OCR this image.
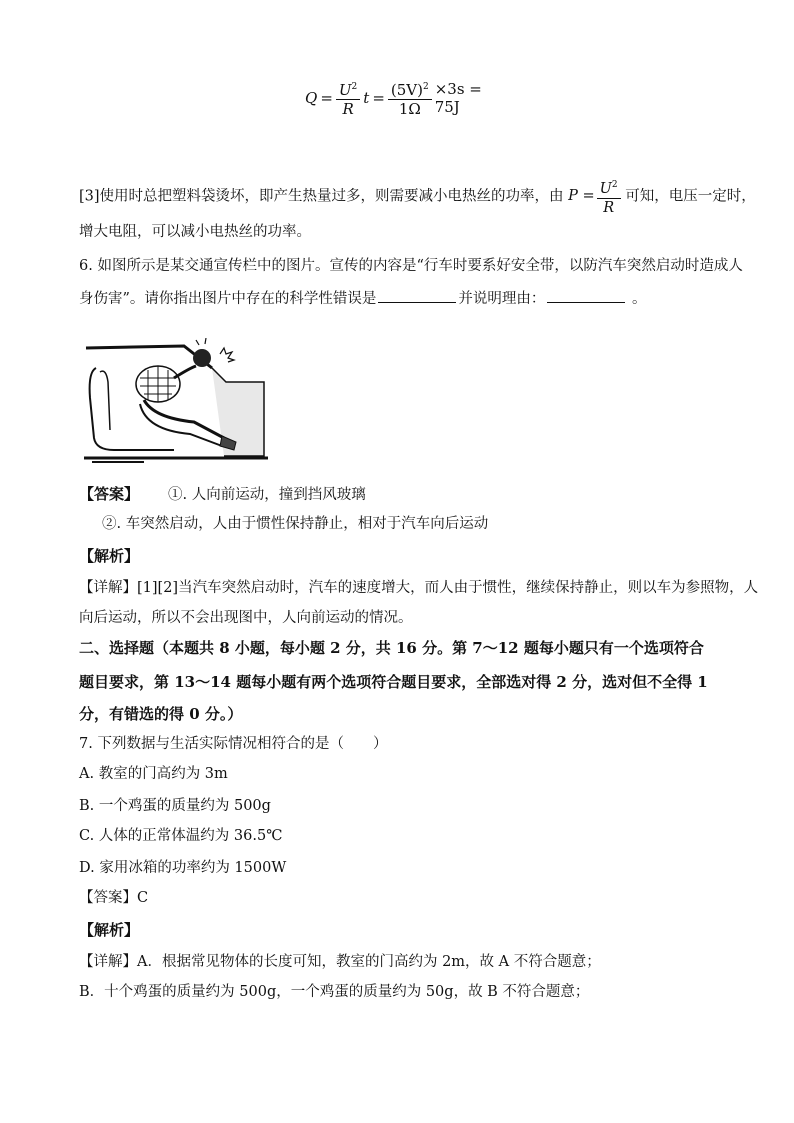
$Q = \frac{U^2}{R}$ $t = \frac{(5V)^2}{1\Omega} \times 3s = 75J$
[3]使用时总把塑料袋烫坏，即产生热量过多，则需要减小电热丝的功率，由 $P = \frac{U^2}{R}$ 可知，电压一定时，
增大电阻，可以减小电热丝的功率。
6. 如图所示是某交通宣传栏中的图片。宣传的内容是“行车时要系好安全带，以防汽车突然启动时造成人
身伤害”。请你指出图片中存在的科学性错误是	并说明理由：	。
【答案】   ①. 人向前运动，撞到挡风玻璃
②. 车突然启动，人由于惯性保持静止，相对于汽车向后运动
【解析】
【详解】[1][2]当汽车突然启动时，汽车的速度增大，而人由于惯性，继续保持静止，则以车为参照物，人
向后运动，所以不会出现图中，人向前运动的情况。
二、选择题（本题共 8 小题，每小题 2 分，共 16 分。第 7～12 题每小题只有一个选项符合
题目要求，第 13～14 题每小题有两个选项符合题目要求，全部选对得 2 分，选对但不全得 1
分，有错选的得 0 分。）
7. 下列数据与生活实际情况相符合的是（　　）
A. 教室的门高约为 3m
B. 一个鸡蛋的质量约为 500g
C. 人体的正常体温约为 36.5℃
D. 家用冰箱的功率约为 1500W
【答案】C
【解析】
【详解】A．根据常见物体的长度可知，教室的门高约为 2m，故 A 不符合题意；
B．十个鸡蛋的质量约为 500g，一个鸡蛋的质量约为 50g，故 B 不符合题意；
